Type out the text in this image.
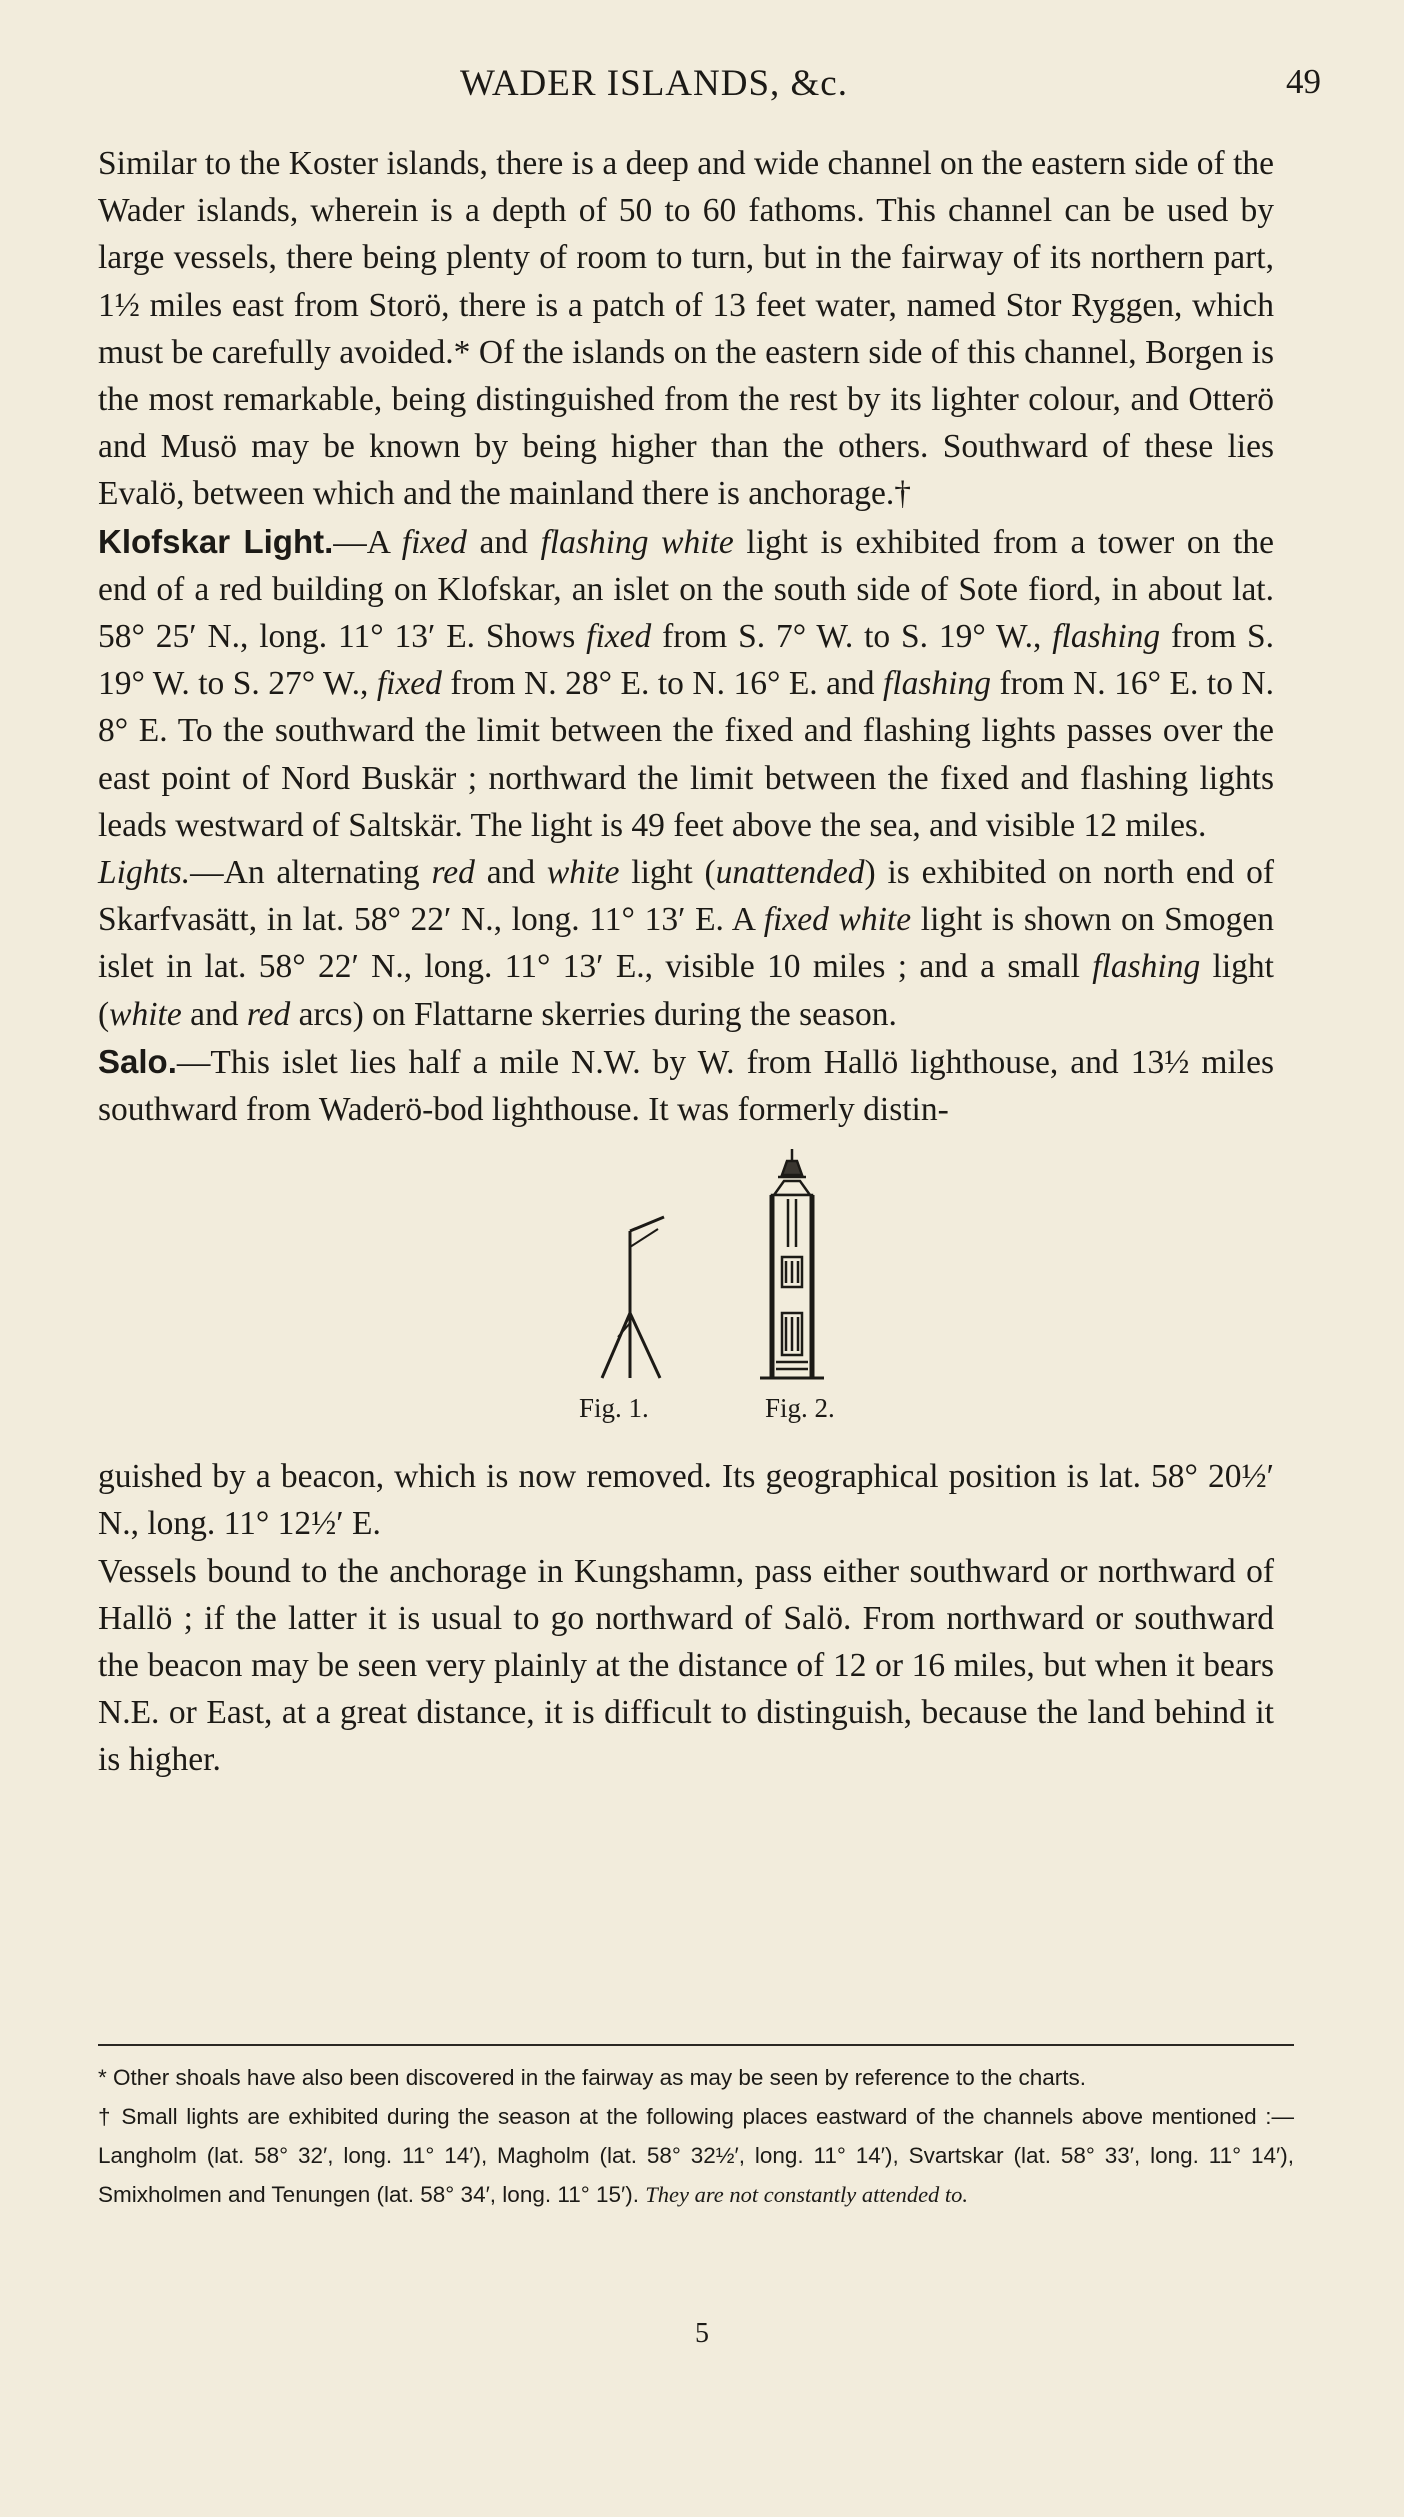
WADER ISLANDS, &c.	49

Similar to the Koster islands, there is a deep and wide channel on the eastern side of the Wader islands, wherein is a depth of 50 to 60 fathoms. This channel can be used by large vessels, there being plenty of room to turn, but in the fairway of its northern part, 1½ miles east from Storö, there is a patch of 13 feet water, named Stor Ryggen, which must be carefully avoided.* Of the islands on the eastern side of this channel, Borgen is the most remarkable, being distinguished from the rest by its lighter colour, and Otterö and Musö may be known by being higher than the others. Southward of these lies Evalö, between which and the mainland there is anchorage.†

Klofskar Light.—A fixed and flashing white light is exhibited from a tower on the end of a red building on Klofskar, an islet on the south side of Sote fiord, in about lat. 58° 25′ N., long. 11° 13′ E. Shows fixed from S. 7° W. to S. 19° W., flashing from S. 19° W. to S. 27° W., fixed from N. 28° E. to N. 16° E. and flashing from N. 16° E. to N. 8° E. To the southward the limit between the fixed and flashing lights passes over the east point of Nord Buskär ; northward the limit between the fixed and flashing lights leads westward of Saltskär. The light is 49 feet above the sea, and visible 12 miles.

Lights.—An alternating red and white light (unattended) is exhibited on north end of Skarfvasätt, in lat. 58° 22′ N., long. 11° 13′ E. A fixed white light is shown on Smogen islet in lat. 58° 22′ N., long. 11° 13′ E., visible 10 miles ; and a small flashing light (white and red arcs) on Flattarne skerries during the season.

Salo.—This islet lies half a mile N.W. by W. from Hallö lighthouse, and 13½ miles southward from Waderö-bod lighthouse. It was formerly distin-

Fig. 1.	Fig. 2.

guished by a beacon, which is now removed. Its geographical position is lat. 58° 20½′ N., long. 11° 12½′ E.

Vessels bound to the anchorage in Kungshamn, pass either southward or northward of Hallö ; if the latter it is usual to go northward of Salö. From northward or southward the beacon may be seen very plainly at the distance of 12 or 16 miles, but when it bears N.E. or East, at a great distance, it is difficult to distinguish, because the land behind it is higher.

* Other shoals have also been discovered in the fairway as may be seen by reference to the charts.

† Small lights are exhibited during the season at the following places eastward of the channels above mentioned :—Langholm (lat. 58° 32′, long. 11° 14′), Magholm (lat. 58° 32½′, long. 11° 14′), Svartskar (lat. 58° 33′, long. 11° 14′), Smixholmen and Tenungen (lat. 58° 34′, long. 11° 15′). They are not constantly attended to.

5
